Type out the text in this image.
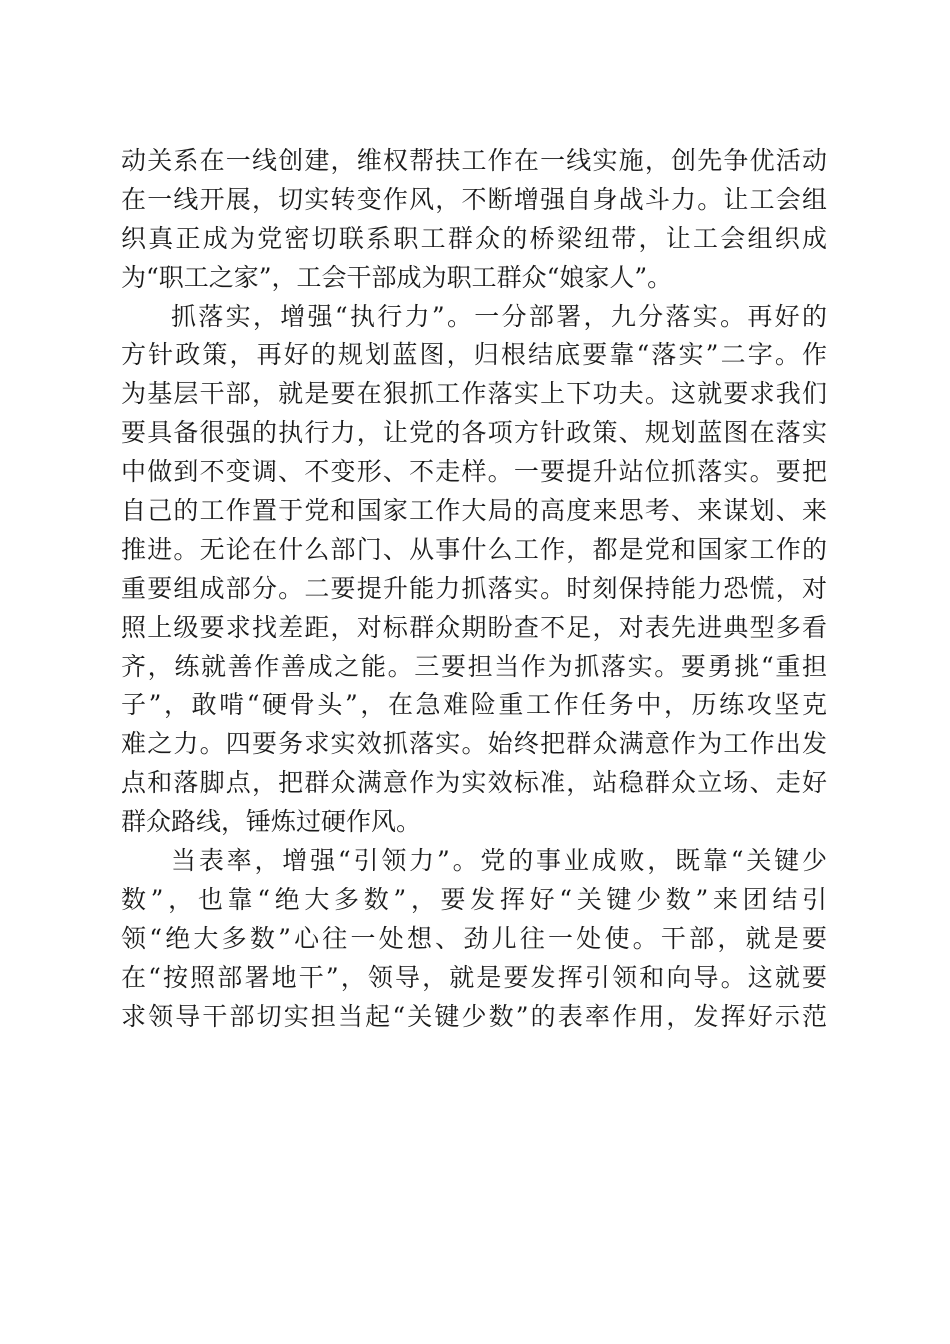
动关系在一线创建，维权帮扶工作在一线实施，创先争优活动
在一线开展，切实转变作风，不断增强自身战斗力。让工会组
织真正成为党密切联系职工群众的桥梁纽带，让工会组织成
为“职工之家”，工会干部成为职工群众“娘家人”。
抓落实，增强“执行力”。一分部署，九分落实。再好的
方针政策，再好的规划蓝图，归根结底要靠“落实”二字。作
为基层干部，就是要在狠抓工作落实上下功夫。这就要求我们
要具备很强的执行力，让党的各项方针政策、规划蓝图在落实
中做到不变调、不变形、不走样。一要提升站位抓落实。要把
自己的工作置于党和国家工作大局的高度来思考、来谋划、来
推进。无论在什么部门、从事什么工作，都是党和国家工作的
重要组成部分。二要提升能力抓落实。时刻保持能力恐慌，对
照上级要求找差距，对标群众期盼查不足，对表先进典型多看
齐，练就善作善成之能。三要担当作为抓落实。要勇挑“重担
子”，敢啃“硬骨头”，在急难险重工作任务中，历练攻坚克
难之力。四要务求实效抓落实。始终把群众满意作为工作出发
点和落脚点，把群众满意作为实效标准，站稳群众立场、走好
群众路线，锤炼过硬作风。
当表率，增强“引领力”。党的事业成败，既靠“关键少
数”，也靠“绝大多数”，要发挥好“关键少数”来团结引
领“绝大多数”心往一处想、劲儿往一处使。干部，就是要
在“按照部署地干”，领导，就是要发挥引领和向导。这就要
求领导干部切实担当起“关键少数”的表率作用，发挥好示范
